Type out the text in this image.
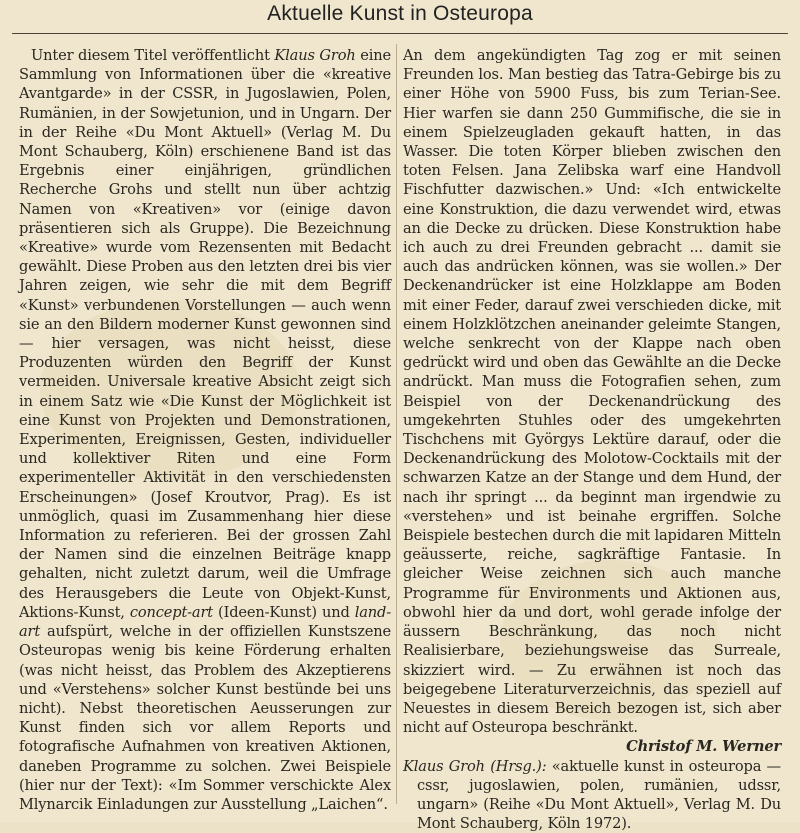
Aktuelle Kunst in Osteuropa

Unter diesem Titel veröffentlicht Klaus Groh eine Sammlung von Informationen über die «kreative Avantgarde» in der CSSR, in Jugoslawien, Polen, Rumänien, in der Sowjetunion, und in Ungarn. Der in der Reihe «Du Mont Aktuell» (Verlag M. Du Mont Schauberg, Köln) erschienene Band ist das Ergebnis einer einjährigen, gründlichen Recherche Grohs und stellt nun über achtzig Namen von «Kreativen» vor (einige davon präsentieren sich als Gruppe). Die Bezeichnung «Kreative» wurde vom Rezensenten mit Bedacht gewählt. Diese Proben aus den letzten drei bis vier Jahren zeigen, wie sehr die mit dem Begriff «Kunst» verbundenen Vorstellungen — auch wenn sie an den Bildern moderner Kunst gewonnen sind — hier versagen, was nicht heisst, diese Produzenten würden den Begriff der Kunst vermeiden. Universale kreative Absicht zeigt sich in einem Satz wie «Die Kunst der Möglichkeit ist eine Kunst von Projekten und Demonstrationen, Experimenten, Ereignissen, Gesten, individueller und kollektiver Riten und eine Form experimenteller Aktivität in den verschiedensten Erscheinungen» (Josef Kroutvor, Prag). Es ist unmöglich, quasi im Zusammenhang hier diese Information zu referieren. Bei der grossen Zahl der Namen sind die einzelnen Beiträge knapp gehalten, nicht zuletzt darum, weil die Umfrage des Herausgebers die Leute von Objekt-Kunst, Aktions-Kunst, concept-art (Ideen-Kunst) und land-art aufspürt, welche in der offiziellen Kunstszene Osteuropas wenig bis keine Förderung erhalten (was nicht heisst, das Problem des Akzeptierens und «Verstehens» solcher Kunst bestünde bei uns nicht). Nebst theoretischen Aeusserungen zur Kunst finden sich vor allem Reports und fotografische Aufnahmen von kreativen Aktionen, daneben Programme zu solchen. Zwei Beispiele (hier nur der Text): «Im Sommer verschickte Alex Mlynarcik Einladungen zur Ausstellung „Laichen“.

An dem angekündigten Tag zog er mit seinen Freunden los. Man bestieg das Tatra-Gebirge bis zu einer Höhe von 5900 Fuss, bis zum Terian-See. Hier warfen sie dann 250 Gummifische, die sie in einem Spielzeugladen gekauft hatten, in das Wasser. Die toten Körper blieben zwischen den toten Felsen. Jana Zelibska warf eine Handvoll Fischfutter dazwischen.» Und: «Ich entwickelte eine Konstruktion, die dazu verwendet wird, etwas an die Decke zu drücken. Diese Konstruktion habe ich auch zu drei Freunden gebracht ... damit sie auch das andrücken können, was sie wollen.» Der Deckenandrücker ist eine Holzklappe am Boden mit einer Feder, darauf zwei verschieden dicke, mit einem Holzklötzchen aneinander geleimte Stangen, welche senkrecht von der Klappe nach oben gedrückt wird und oben das Gewählte an die Decke andrückt. Man muss die Fotografien sehen, zum Beispiel von der Deckenandrückung des umgekehrten Stuhles oder des umgekehrten Tischchens mit Györgys Lektüre darauf, oder die Deckenandrückung des Molotow-Cocktails mit der schwarzen Katze an der Stange und dem Hund, der nach ihr springt ... da beginnt man irgendwie zu «verstehen» und ist beinahe ergriffen. Solche Beispiele bestechen durch die mit lapidaren Mitteln geäusserte, reiche, sagkräftige Fantasie. In gleicher Weise zeichnen sich auch manche Programme für Environments und Aktionen aus, obwohl hier da und dort, wohl gerade infolge der äussern Beschränkung, das noch nicht Realisierbare, beziehungsweise das Surreale, skizziert wird. — Zu erwähnen ist noch das beigegebene Literaturverzeichnis, das speziell auf Neuestes in diesem Bereich bezogen ist, sich aber nicht auf Osteuropa beschränkt.

Christof M. Werner

Klaus Groh (Hrsg.): «aktuelle kunst in osteuropa — cssr, jugoslawien, polen, rumänien, udssr, ungarn» (Reihe «Du Mont Aktuell», Verlag M. Du Mont Schauberg, Köln 1972).
